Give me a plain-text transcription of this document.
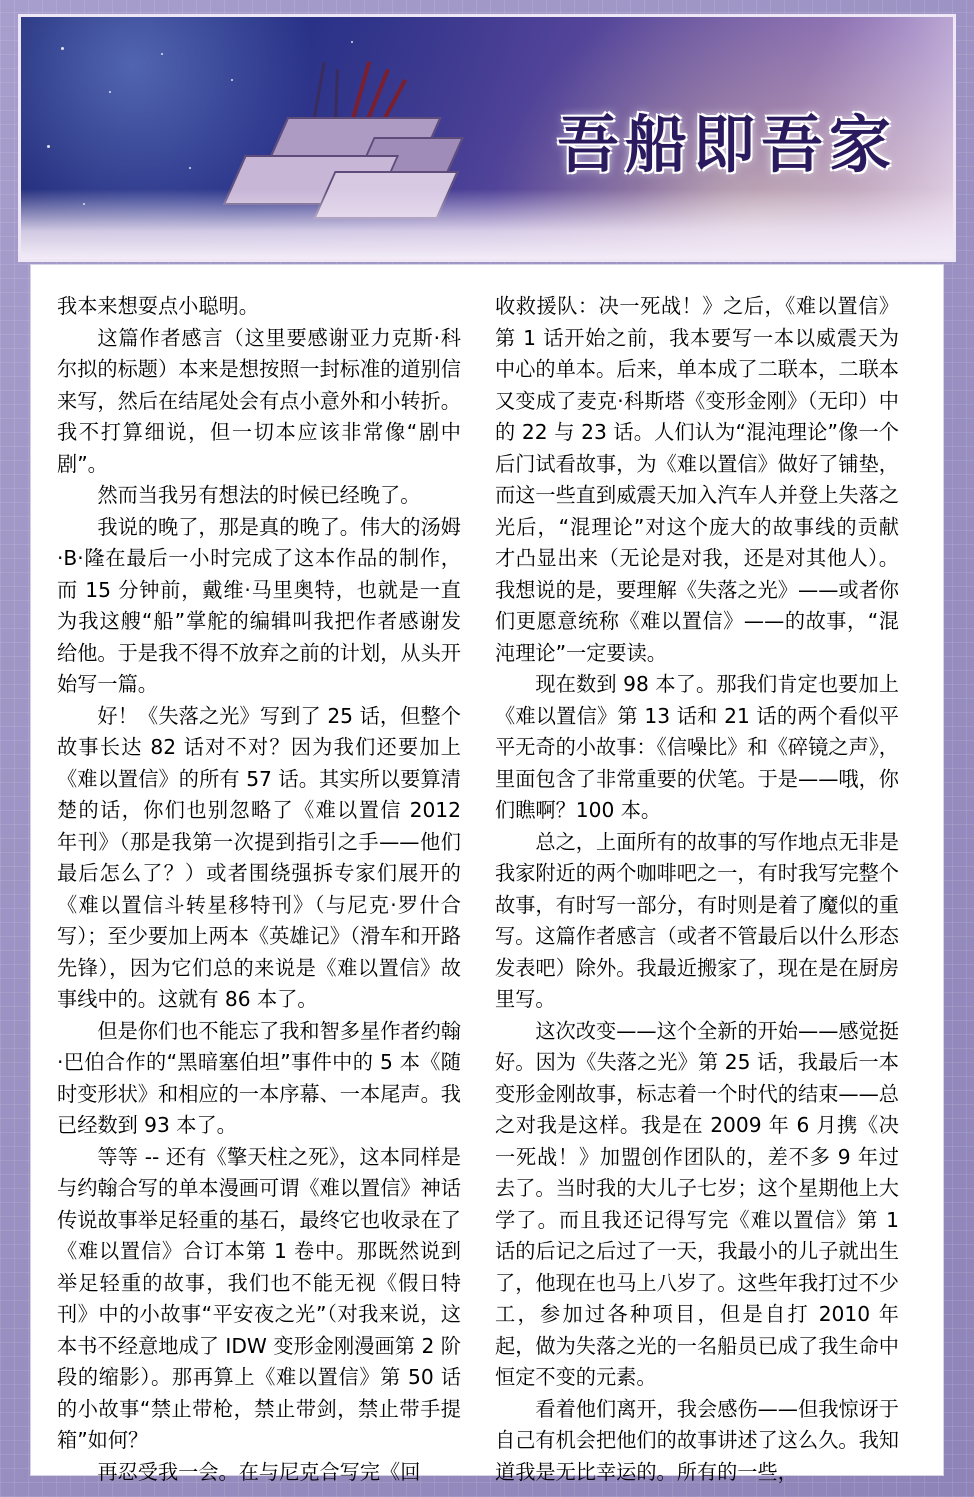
吾船即吾家

我本来想耍点小聪明。

这篇作者感言（这里要感谢亚力克斯·科尔拟的标题）本来是想按照一封标准的道别信来写，然后在结尾处会有点小意外和小转折。我不打算细说，但一切本应该非常像“剧中剧”。

然而当我另有想法的时候已经晚了。

我说的晚了，那是真的晚了。伟大的汤姆·B·隆在最后一小时完成了这本作品的制作，而 15 分钟前，戴维·马里奥特，也就是一直为我这艘“船”掌舵的编辑叫我把作者感谢发给他。于是我不得不放弃之前的计划，从头开始写一篇。

好！《失落之光》写到了 25 话，但整个故事长达 82 话对不对？因为我们还要加上《难以置信》的所有 57 话。其实所以要算清楚的话，你们也别忽略了《难以置信 2012 年刊》（那是我第一次提到指引之手——他们最后怎么了？）或者围绕强拆专家们展开的《难以置信斗转星移特刊》（与尼克·罗什合写）；至少要加上两本《英雄记》（滑车和开路先锋），因为它们总的来说是《难以置信》故事线中的。这就有 86 本了。

但是你们也不能忘了我和智多星作者约翰·巴伯合作的“黑暗塞伯坦”事件中的 5 本《随时变形状》和相应的一本序幕、一本尾声。我已经数到 93 本了。

等等 -- 还有《擎天柱之死》，这本同样是与约翰合写的单本漫画可谓《难以置信》神话传说故事举足轻重的基石，最终它也收录在了《难以置信》合订本第 1 卷中。那既然说到举足轻重的故事，我们也不能无视《假日特刊》中的小故事“平安夜之光”（对我来说，这本书不经意地成了 IDW 变形金刚漫画第 2 阶段的缩影）。那再算上《难以置信》第 50 话的小故事“禁止带枪，禁止带剑，禁止带手提箱”如何？

再忍受我一会。在与尼克合写完《回

收救援队：决一死战！》之后，《难以置信》第 1 话开始之前，我本要写一本以威震天为中心的单本。后来，单本成了二联本，二联本又变成了麦克·科斯塔《变形金刚》（无印）中的 22 与 23 话。人们认为“混沌理论”像一个后门试看故事，为《难以置信》做好了铺垫，而这一些直到威震天加入汽车人并登上失落之光后，“混理论”对这个庞大的故事线的贡献才凸显出来（无论是对我，还是对其他人）。我想说的是，要理解《失落之光》——或者你们更愿意统称《难以置信》——的故事，“混沌理论”一定要读。

现在数到 98 本了。那我们肯定也要加上《难以置信》第 13 话和 21 话的两个看似平平无奇的小故事：《信噪比》和《碎镜之声》，里面包含了非常重要的伏笔。于是——哦，你们瞧啊？100 本。

总之，上面所有的故事的写作地点无非是我家附近的两个咖啡吧之一，有时我写完整个故事，有时写一部分，有时则是着了魔似的重写。这篇作者感言（或者不管最后以什么形态发表吧）除外。我最近搬家了，现在是在厨房里写。

这次改变——这个全新的开始——感觉挺好。因为《失落之光》第 25 话，我最后一本变形金刚故事，标志着一个时代的结束——总之对我是这样。我是在 2009 年 6 月携《决一死战！》加盟创作团队的，差不多 9 年过去了。当时我的大儿子七岁；这个星期他上大学了。而且我还记得写完《难以置信》第 1 话的后记之后过了一天，我最小的儿子就出生了，他现在也马上八岁了。这些年我打过不少工，参加过各种项目，但是自打 2010 年起，做为失落之光的一名船员已成了我生命中恒定不变的元素。

看着他们离开，我会感伤——但我惊讶于自己有机会把他们的故事讲述了这么久。我知道我是无比幸运的。所有的一些，
